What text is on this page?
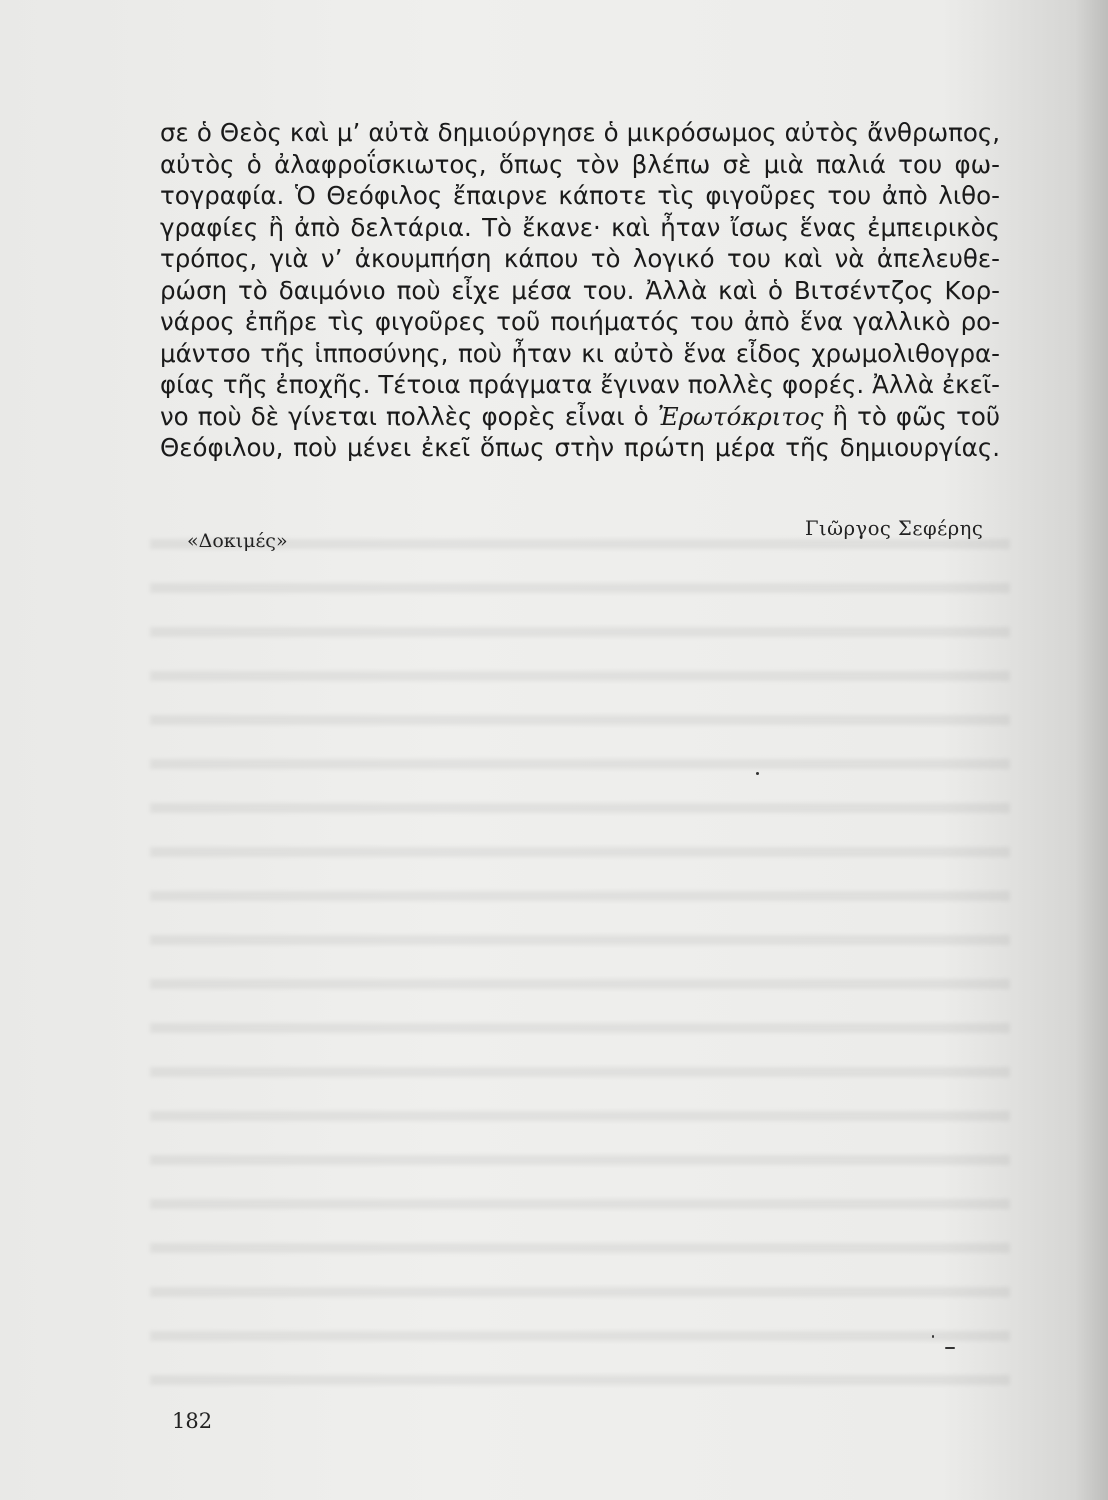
σε ὁ Θεὸς καὶ μ’ αὐτὰ δημιούργησε ὁ μικρόσωμος αὐτὸς ἄνθρωπος,
αὐτὸς ὁ ἀλαφροΐσκιωτος, ὅπως τὸν βλέπω σὲ μιὰ παλιά του φω-
τογραφία. Ὁ Θεόφιλος ἔπαιρνε κάποτε τὶς φιγοῦρες του ἀπὸ λιθο-
γραφίες ἢ ἀπὸ δελτάρια. Τὸ ἔκανε· καὶ ἦταν ἴσως ἕνας ἐμπειρικὸς
τρόπος, γιὰ ν’ ἀκουμπήση κάπου τὸ λογικό του καὶ νὰ ἀπελευθε-
ρώση τὸ δαιμόνιο ποὺ εἶχε μέσα του. Ἀλλὰ καὶ ὁ Βιτσέντζος Κορ-
νάρος ἐπῆρε τὶς φιγοῦρες τοῦ ποιήματός του ἀπὸ ἕνα γαλλικὸ ρο-
μάντσο τῆς ἱπποσύνης, ποὺ ἦταν κι αὐτὸ ἕνα εἶδος χρωμολιθογρα-
φίας τῆς ἐποχῆς. Τέτοια πράγματα ἔγιναν πολλὲς φορές. Ἀλλὰ ἐκεῖ-
νο ποὺ δὲ γίνεται πολλὲς φορὲς εἶναι ὁ Ἐρωτόκριτος ἢ τὸ φῶς τοῦ
Θεόφιλου, ποὺ μένει ἐκεῖ ὅπως στὴν πρώτη μέρα τῆς δημιουργίας.
Γιῶργος Σεφέρης
«Δοκιμές»
182
